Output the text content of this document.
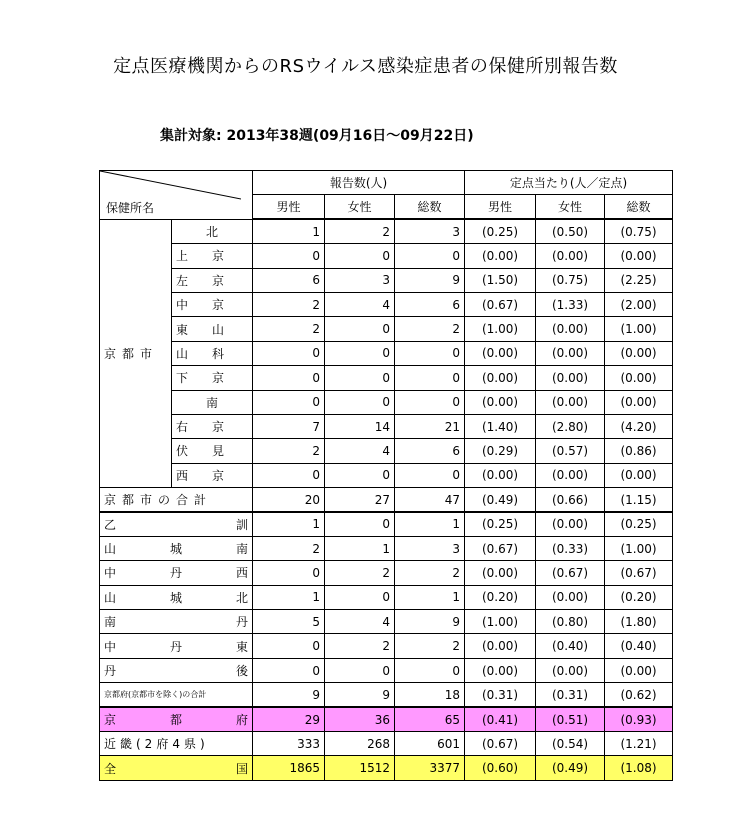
定点医療機関からのRSウイルス感染症患者の保健所別報告数
集計対象: 2013年38週(09月16日～09月22日)
保健所名		報告数(人)			定点当たり(人／定点)		
		男性	女性	総数	男性	女性	総数
京都市	北	1	2	3	(0.25)	(0.50)	(0.75)
	上京	0	0	0	(0.00)	(0.00)	(0.00)
	左京	6	3	9	(1.50)	(0.75)	(2.25)
	中京	2	4	6	(0.67)	(1.33)	(2.00)
	東山	2	0	2	(1.00)	(0.00)	(1.00)
	山科	0	0	0	(0.00)	(0.00)	(0.00)
	下京	0	0	0	(0.00)	(0.00)	(0.00)
	南	0	0	0	(0.00)	(0.00)	(0.00)
	右京	7	14	21	(1.40)	(2.80)	(4.20)
	伏見	2	4	6	(0.29)	(0.57)	(0.86)
	西京	0	0	0	(0.00)	(0.00)	(0.00)
京都市の合計		20	27	47	(0.49)	(0.66)	(1.15)

乙 訓		1	0	1	(0.25)	(0.00)	(0.25)

山 城 南		2	1	3	(0.67)	(0.33)	(1.00)

中 丹 西		0	2	2	(0.00)	(0.67)	(0.67)

山 城 北		1	0	1	(0.20)	(0.00)	(0.20)

南 丹		5	4	9	(1.00)	(0.80)	(1.80)

中 丹 東		0	2	2	(0.00)	(0.40)	(0.40)

丹 後		0	0	0	(0.00)	(0.00)	(0.00)
京都府(京都市を除く)の合計		9	9	18	(0.31)	(0.31)	(0.62)

京 都 府		29	36	65	(0.41)	(0.51)	(0.93)
近畿(2府4県)		333	268	601	(0.67)	(0.54)	(1.21)

全 国		1865	1512	3377	(0.60)	(0.49)	(1.08)
